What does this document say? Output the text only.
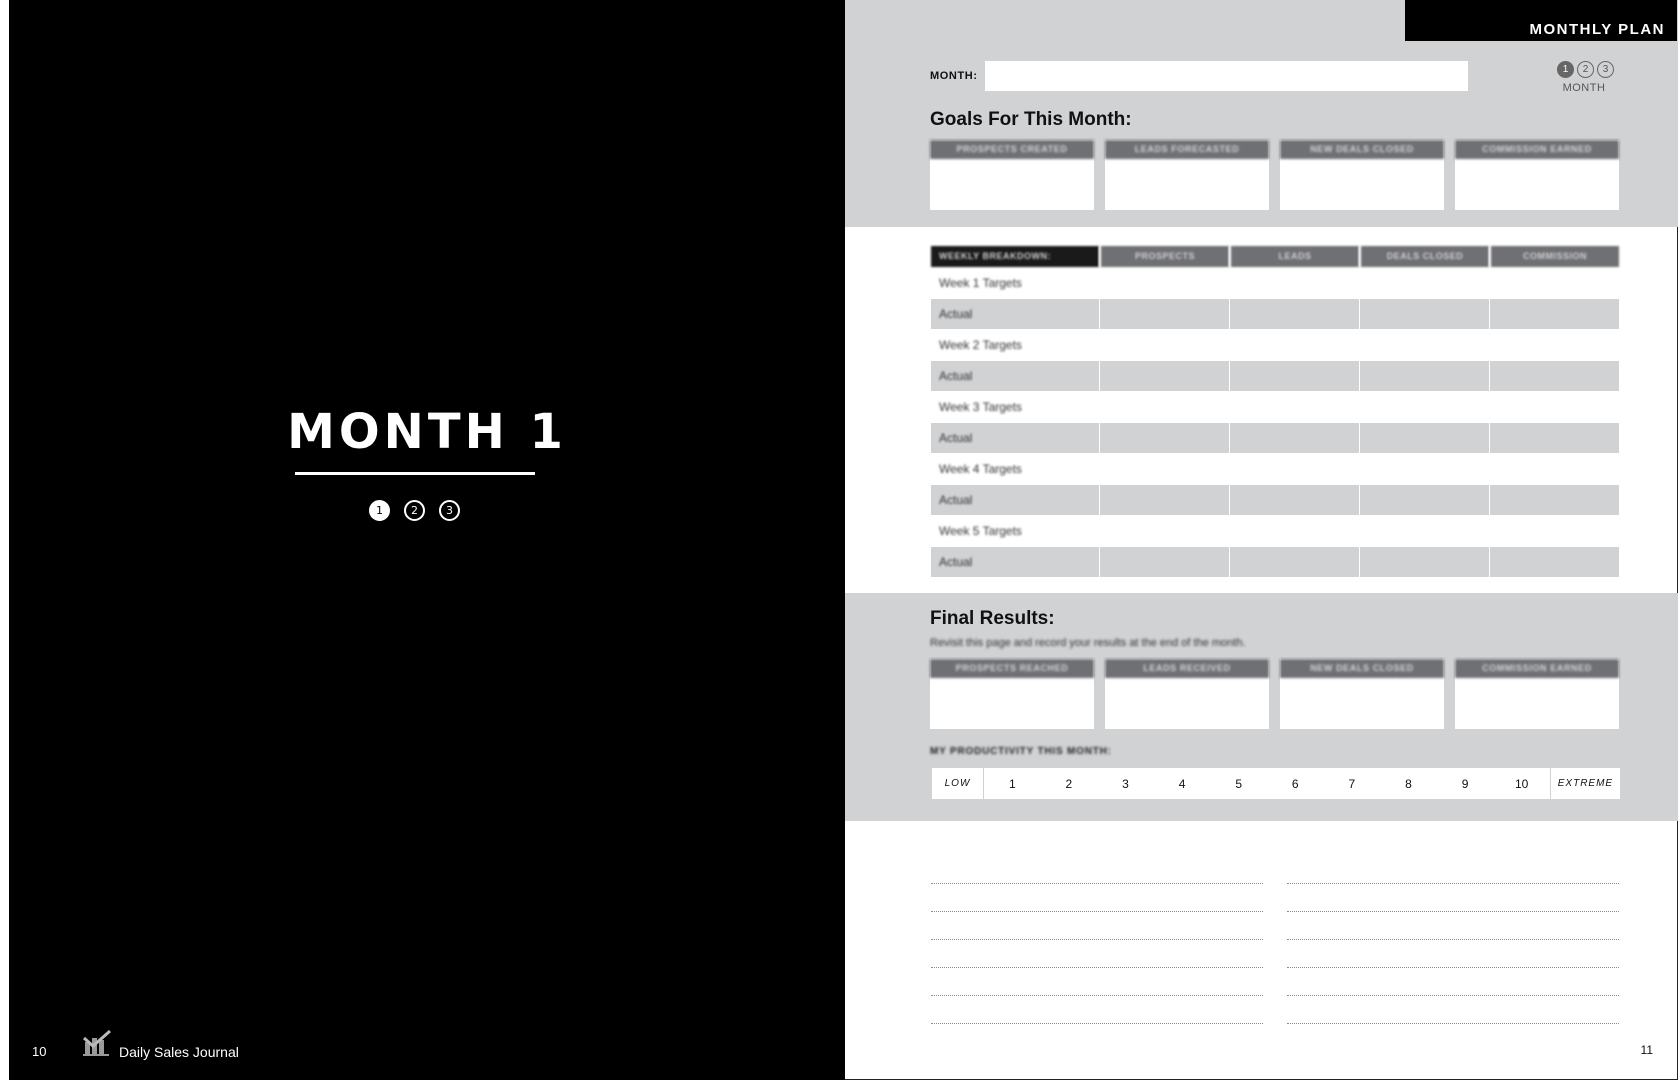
MONTH 1
1	2	3
10	Daily Sales Journal
MONTHLY PLAN
MONTH:
1	2	3
MONTH
Goals For This Month:
PROSPECTS CREATED	LEADS FORECASTED	NEW DEALS CLOSED	COMMISSION EARNED
WEEKLY BREAKDOWN:	PROSPECTS	LEADS	DEALS CLOSED	COMMISSION
Week 1 Targets
Actual
Week 2 Targets
Actual
Week 3 Targets
Actual
Week 4 Targets
Actual
Week 5 Targets
Actual
Final Results:
Revisit this page and record your results at the end of the month.
PROSPECTS REACHED	LEADS RECEIVED	NEW DEALS CLOSED	COMMISSION EARNED
MY PRODUCTIVITY THIS MONTH:
LOW	1	2	3	4	5	6	7	8	9	10	EXTREME
11
